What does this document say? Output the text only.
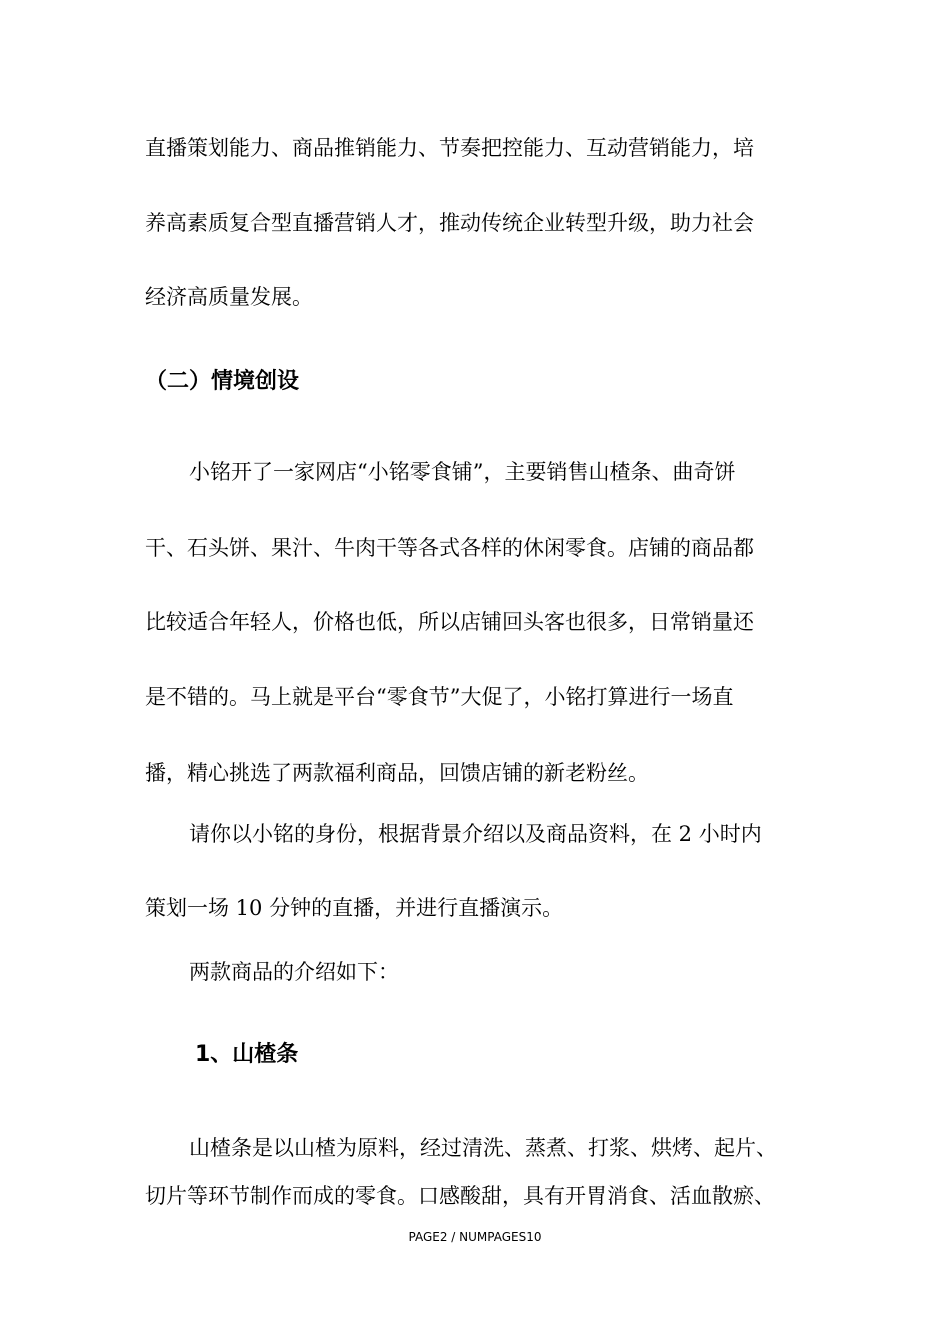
直播策划能力、商品推销能力、节奏把控能力、互动营销能力，培

养高素质复合型直播营销人才，推动传统企业转型升级，助力社会

经济高质量发展。

（二）情境创设

小铭开了一家网店“小铭零食铺”，主要销售山楂条、曲奇饼

干、石头饼、果汁、牛肉干等各式各样的休闲零食。店铺的商品都

比较适合年轻人，价格也低，所以店铺回头客也很多，日常销量还

是不错的。马上就是平台“零食节”大促了，小铭打算进行一场直

播，精心挑选了两款福利商品，回馈店铺的新老粉丝。

请你以小铭的身份，根据背景介绍以及商品资料，在 2 小时内

策划一场 10 分钟的直播，并进行直播演示。

两款商品的介绍如下：

1、山楂条

山楂条是以山楂为原料，经过清洗、蒸煮、打浆、烘烤、起片、

切片等环节制作而成的零食。口感酸甜，具有开胃消食、活血散瘀、

PAGE2 / NUMPAGES10
